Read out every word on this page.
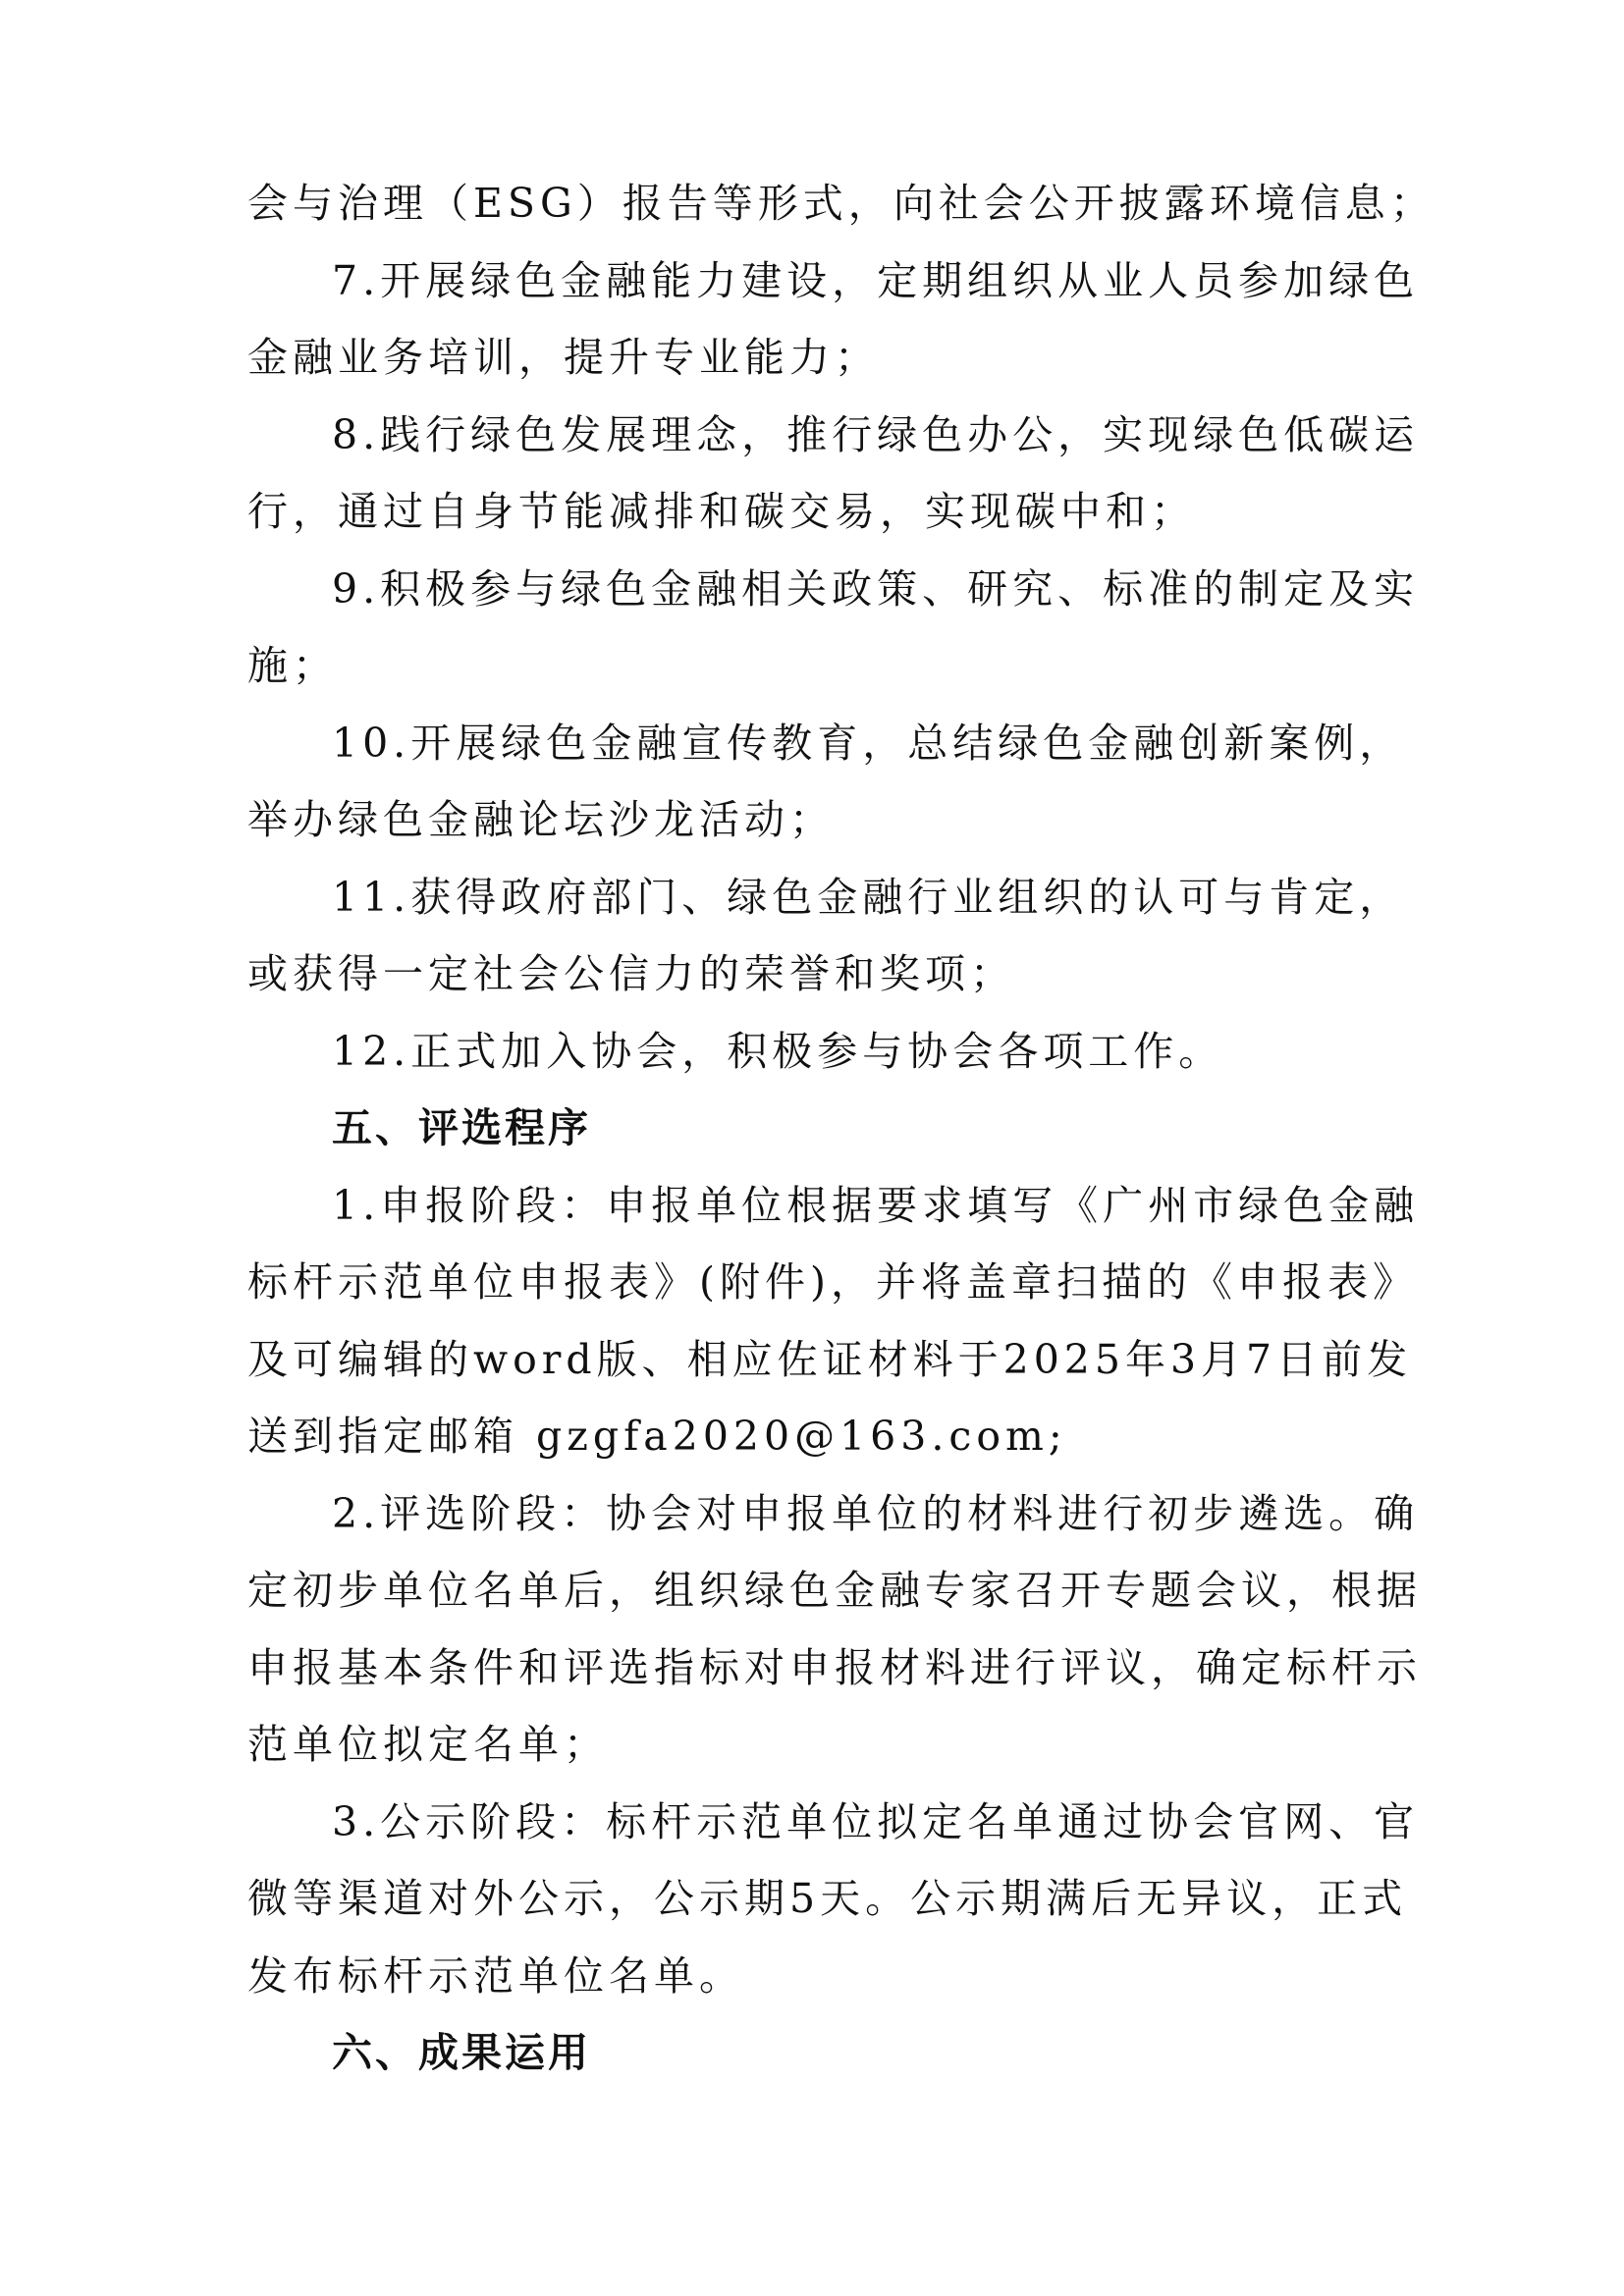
会与治理（ESG）报告等形式，向社会公开披露环境信息；
7.开展绿色金融能力建设，定期组织从业人员参加绿色
金融业务培训，提升专业能力；
8.践行绿色发展理念，推行绿色办公，实现绿色低碳运
行，通过自身节能减排和碳交易，实现碳中和；
9.积极参与绿色金融相关政策、研究、标准的制定及实
施；
10.开展绿色金融宣传教育，总结绿色金融创新案例，
举办绿色金融论坛沙龙活动；
11.获得政府部门、绿色金融行业组织的认可与肯定，
或获得一定社会公信力的荣誉和奖项；
12.正式加入协会，积极参与协会各项工作。
五、评选程序
1.申报阶段：申报单位根据要求填写《广州市绿色金融
标杆示范单位申报表》(附件)，并将盖章扫描的《申报表》
及可编辑的word版、相应佐证材料于2025年3月7日前发
送到指定邮箱 gzgfa2020@163.com;
2.评选阶段：协会对申报单位的材料进行初步遴选。确
定初步单位名单后，组织绿色金融专家召开专题会议，根据
申报基本条件和评选指标对申报材料进行评议，确定标杆示
范单位拟定名单；
3.公示阶段：标杆示范单位拟定名单通过协会官网、官
微等渠道对外公示，公示期5天。公示期满后无异议，正式
发布标杆示范单位名单。
六、成果运用
